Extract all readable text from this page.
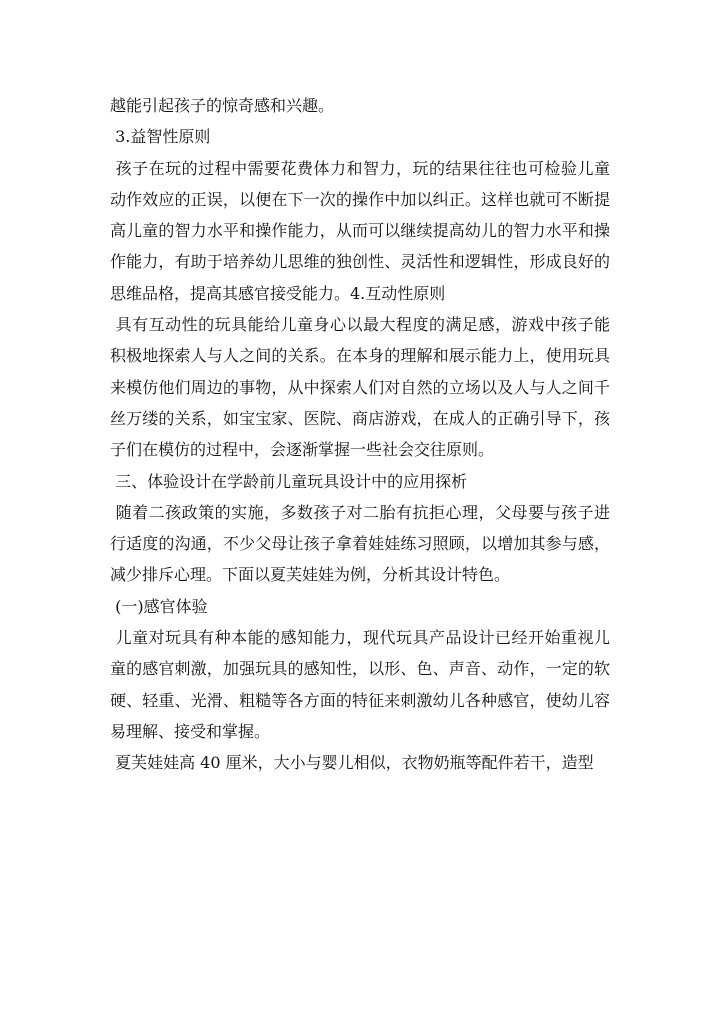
越能引起孩子的惊奇感和兴趣。

3.益智性原则

孩子在玩的过程中需要花费体力和智力，玩的结果往往也可检验儿童动作效应的正误，以便在下一次的操作中加以纠正。这样也就可不断提高儿童的智力水平和操作能力，从而可以继续提高幼儿的智力水平和操作能力，有助于培养幼儿思维的独创性、灵活性和逻辑性，形成良好的思维品格，提高其感官接受能力。4.互动性原则

具有互动性的玩具能给儿童身心以最大程度的满足感，游戏中孩子能积极地探索人与人之间的关系。在本身的理解和展示能力上，使用玩具来模仿他们周边的事物，从中探索人们对自然的立场以及人与人之间千丝万缕的关系，如宝宝家、医院、商店游戏，在成人的正确引导下，孩子们在模仿的过程中，会逐渐掌握一些社会交往原则。

三、体验设计在学龄前儿童玩具设计中的应用探析

随着二孩政策的实施，多数孩子对二胎有抗拒心理，父母要与孩子进行适度的沟通，不少父母让孩子拿着娃娃练习照顾，以增加其参与感，减少排斥心理。下面以夏芙娃娃为例，分析其设计特色。

(一)感官体验

儿童对玩具有种本能的感知能力，现代玩具产品设计已经开始重视儿童的感官刺激，加强玩具的感知性，以形、色、声音、动作，一定的软硬、轻重、光滑、粗糙等各方面的特征来刺激幼儿各种感官，使幼儿容易理解、接受和掌握。

夏芙娃娃高 40 厘米，大小与婴儿相似，衣物奶瓶等配件若干，造型
